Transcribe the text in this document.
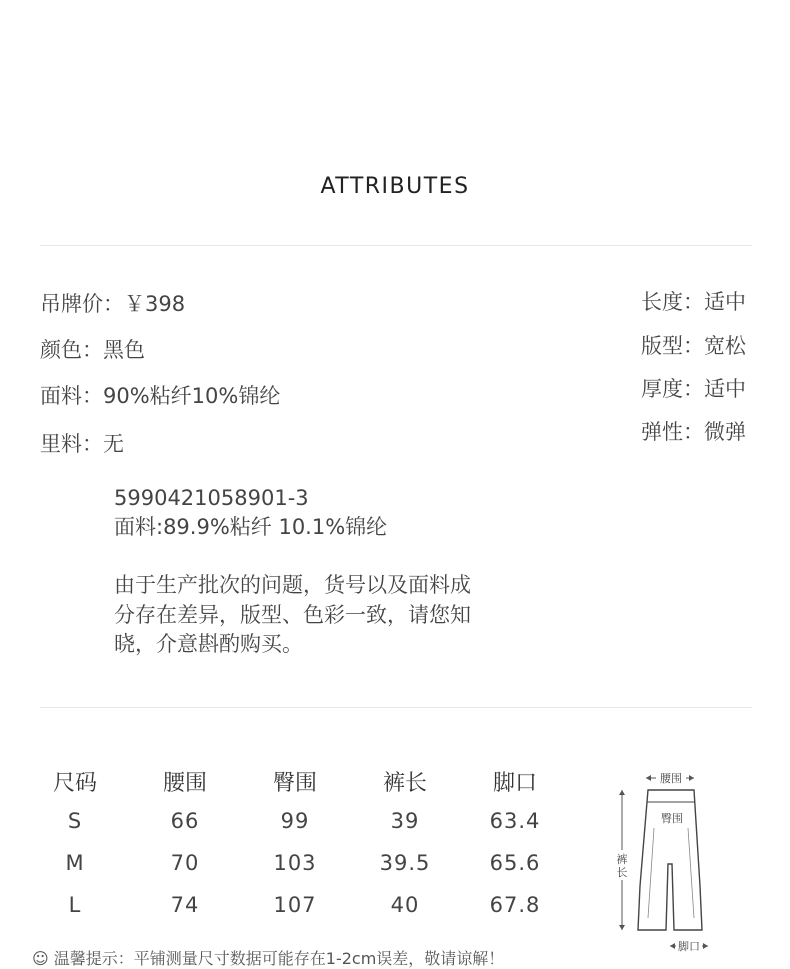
ATTRIBUTES
吊牌价：￥398
颜色：黑色
面料：90%粘纤10%锦纶
里料：无
长度：适中
版型：宽松
厚度：适中
弹性：微弹
5990421058901-3
面料:89.9%粘纤 10.1%锦纶
由于生产批次的问题，货号以及面料成
分存在差异，版型、色彩一致，请您知
晓，介意斟酌购买。
尺码	腰围	臀围	裤长	脚口
S	66	99	39	63.4
M	70	103	39.5	65.6
L	74	107	40	67.8
腰围
裤
长
臀围
脚口
☺ 温馨提示：平铺测量尺寸数据可能存在1-2cm误差，敬请谅解！
